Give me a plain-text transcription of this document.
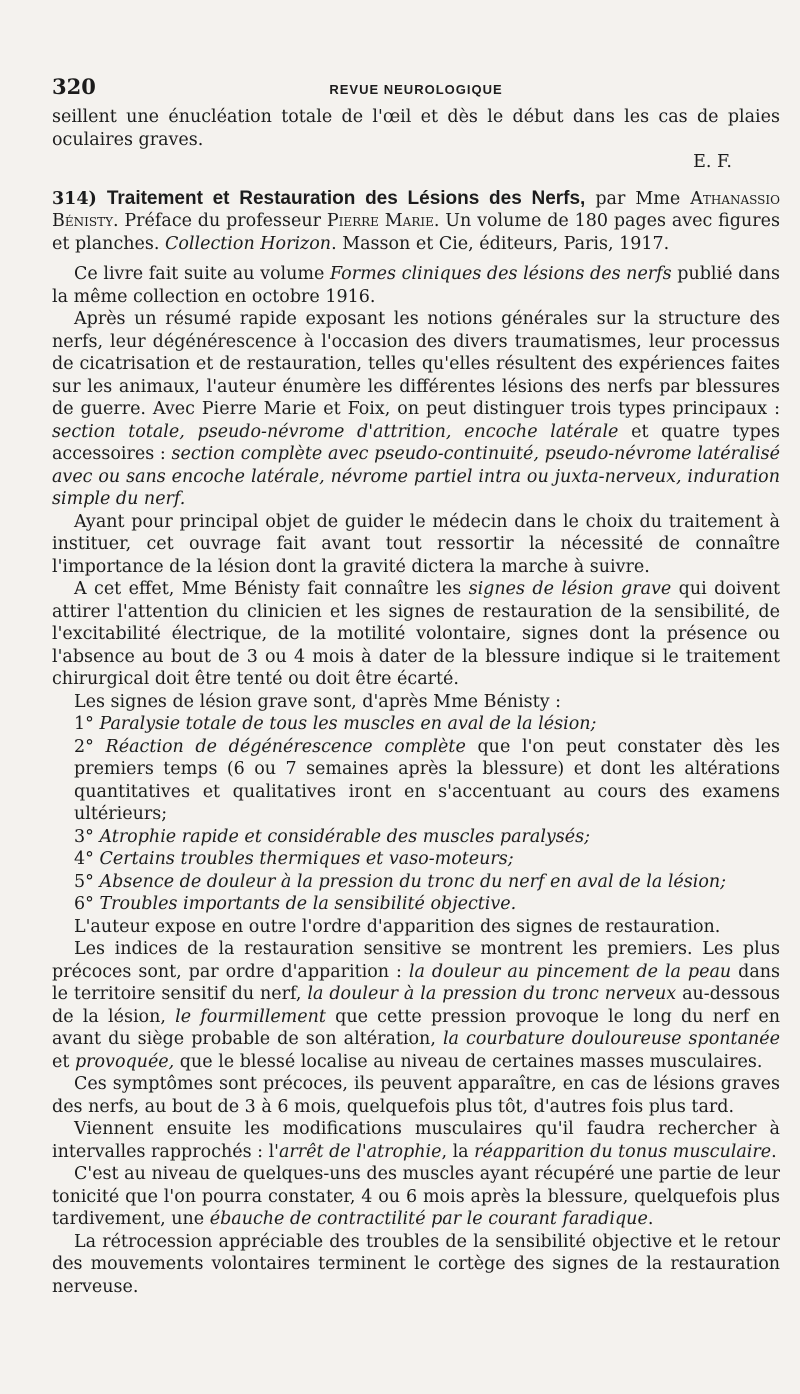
320	REVUE NEUROLOGIQUE

seillent une énucléation totale de l'œil et dès le début dans les cas de plaies oculaires graves.

E. F.

314) Traitement et Restauration des Lésions des Nerfs, par Mme Athanassio Bénisty. Préface du professeur Pierre Marie. Un volume de 180 pages avec figures et planches. Collection Horizon. Masson et Cie, éditeurs, Paris, 1917.

Ce livre fait suite au volume Formes cliniques des lésions des nerfs publié dans la même collection en octobre 1916.

Après un résumé rapide exposant les notions générales sur la structure des nerfs, leur dégénérescence à l'occasion des divers traumatismes, leur processus de cicatrisation et de restauration, telles qu'elles résultent des expériences faites sur les animaux, l'auteur énumère les différentes lésions des nerfs par blessures de guerre. Avec Pierre Marie et Foix, on peut distinguer trois types principaux : section totale, pseudo-névrome d'attrition, encoche latérale et quatre types accessoires : section complète avec pseudo-continuité, pseudo-névrome latéralisé avec ou sans encoche latérale, névrome partiel intra ou juxta-nerveux, induration simple du nerf.

Ayant pour principal objet de guider le médecin dans le choix du traitement à instituer, cet ouvrage fait avant tout ressortir la nécessité de connaître l'importance de la lésion dont la gravité dictera la marche à suivre.

A cet effet, Mme Bénisty fait connaître les signes de lésion grave qui doivent attirer l'attention du clinicien et les signes de restauration de la sensibilité, de l'excitabilité électrique, de la motilité volontaire, signes dont la présence ou l'absence au bout de 3 ou 4 mois à dater de la blessure indique si le traitement chirurgical doit être tenté ou doit être écarté.

Les signes de lésion grave sont, d'après Mme Bénisty :

1° Paralysie totale de tous les muscles en aval de la lésion;

2° Réaction de dégénérescence complète que l'on peut constater dès les premiers temps (6 ou 7 semaines après la blessure) et dont les altérations quantitatives et qualitatives iront en s'accentuant au cours des examens ultérieurs;

3° Atrophie rapide et considérable des muscles paralysés;

4° Certains troubles thermiques et vaso-moteurs;

5° Absence de douleur à la pression du tronc du nerf en aval de la lésion;

6° Troubles importants de la sensibilité objective.

L'auteur expose en outre l'ordre d'apparition des signes de restauration.

Les indices de la restauration sensitive se montrent les premiers. Les plus précoces sont, par ordre d'apparition : la douleur au pincement de la peau dans le territoire sensitif du nerf, la douleur à la pression du tronc nerveux au-dessous de la lésion, le fourmillement que cette pression provoque le long du nerf en avant du siège probable de son altération, la courbature douloureuse spontanée et provoquée, que le blessé localise au niveau de certaines masses musculaires.

Ces symptômes sont précoces, ils peuvent apparaître, en cas de lésions graves des nerfs, au bout de 3 à 6 mois, quelquefois plus tôt, d'autres fois plus tard.

Viennent ensuite les modifications musculaires qu'il faudra rechercher à intervalles rapprochés : l'arrêt de l'atrophie, la réapparition du tonus musculaire.

C'est au niveau de quelques-uns des muscles ayant récupéré une partie de leur tonicité que l'on pourra constater, 4 ou 6 mois après la blessure, quelquefois plus tardivement, une ébauche de contractilité par le courant faradique.

La rétrocession appréciable des troubles de la sensibilité objective et le retour des mouvements volontaires terminent le cortège des signes de la restauration nerveuse.
